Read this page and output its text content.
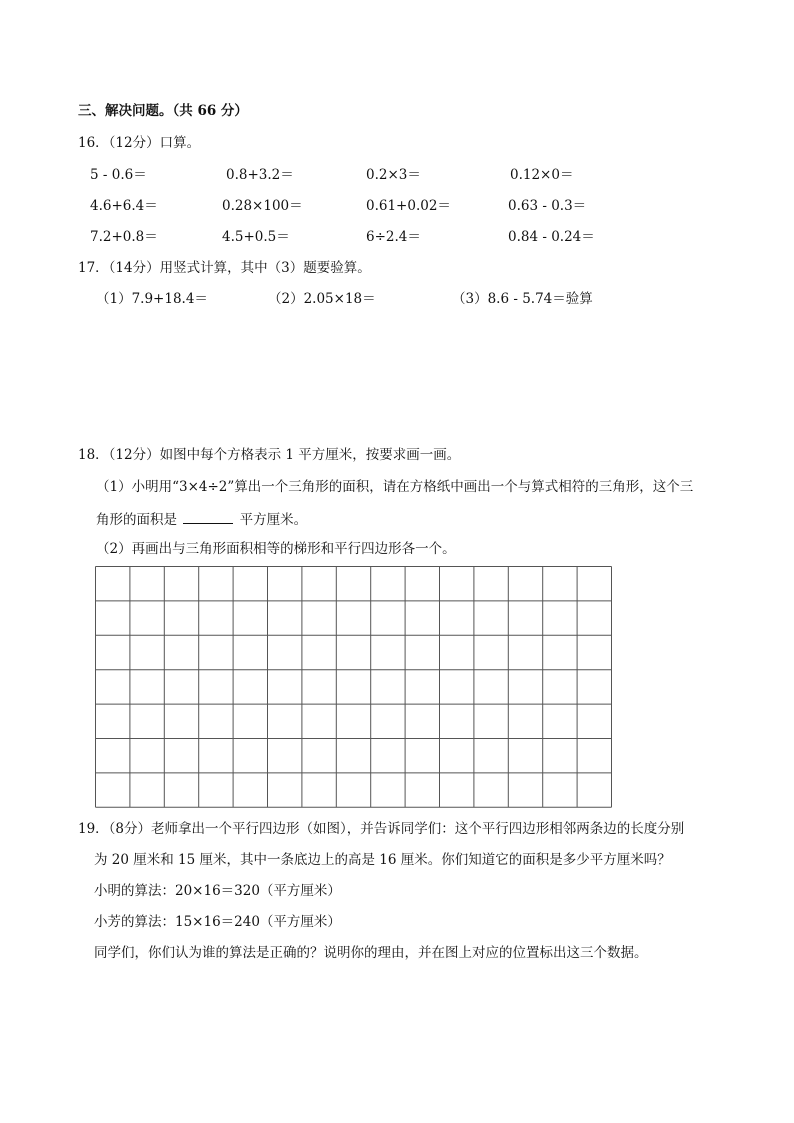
三、解决问题。（共 66 分）
16．（12分）口算。
5 - 0.6＝	0.8+3.2＝	0.2×3＝	0.12×0＝
4.6+6.4＝	0.28×100＝	0.61+0.02＝	0.63 - 0.3＝
7.2+0.8＝	4.5+0.5＝	6÷2.4＝	0.84 - 0.24＝
17．（14分）用竖式计算，其中（3）题要验算。
（1）7.9+18.4＝	（2）2.05×18＝	（3）8.6 - 5.74＝验算
18．（12分）如图中每个方格表示 1 平方厘米，按要求画一画。
（1）小明用“3×4÷2”算出一个三角形的面积，请在方格纸中画出一个与算式相符的三角形，这个三
角形的面积是	平方厘米。
（2）再画出与三角形面积相等的梯形和平行四边形各一个。
19．（8分）老师拿出一个平行四边形（如图），并告诉同学们：这个平行四边形相邻两条边的长度分别
为 20 厘米和 15 厘米，其中一条底边上的高是 16 厘米。你们知道它的面积是多少平方厘米吗？
小明的算法：20×16＝320（平方厘米）
小芳的算法：15×16＝240（平方厘米）
同学们，你们认为谁的算法是正确的？说明你的理由，并在图上对应的位置标出这三个数据。
